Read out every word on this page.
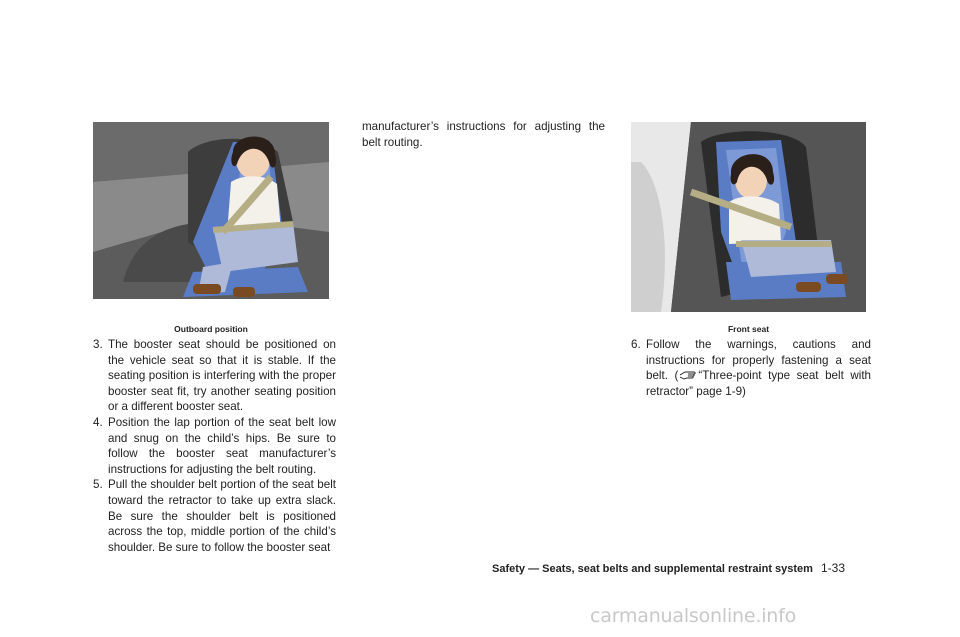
Outboard position

3. The booster seat should be positioned on the vehicle seat so that it is stable. If the seating position is interfering with the proper booster seat fit, try another seating position or a different booster seat.

4. Position the lap portion of the seat belt low and snug on the child’s hips. Be sure to follow the booster seat manufacturer’s instructions for adjusting the belt routing.

5. Pull the shoulder belt portion of the seat belt toward the retractor to take up extra slack. Be sure the shoulder belt is positioned across the top, middle portion of the child’s shoulder. Be sure to follow the booster seat

manufacturer’s instructions for adjusting the belt routing.

Front seat

6. Follow the warnings, cautions and instructions for properly fastening a seat belt. ( “Three-point type seat belt with retractor” page 1-9)

Safety — Seats, seat belts and supplemental restraint system 1-33
carmanualsonline.info
